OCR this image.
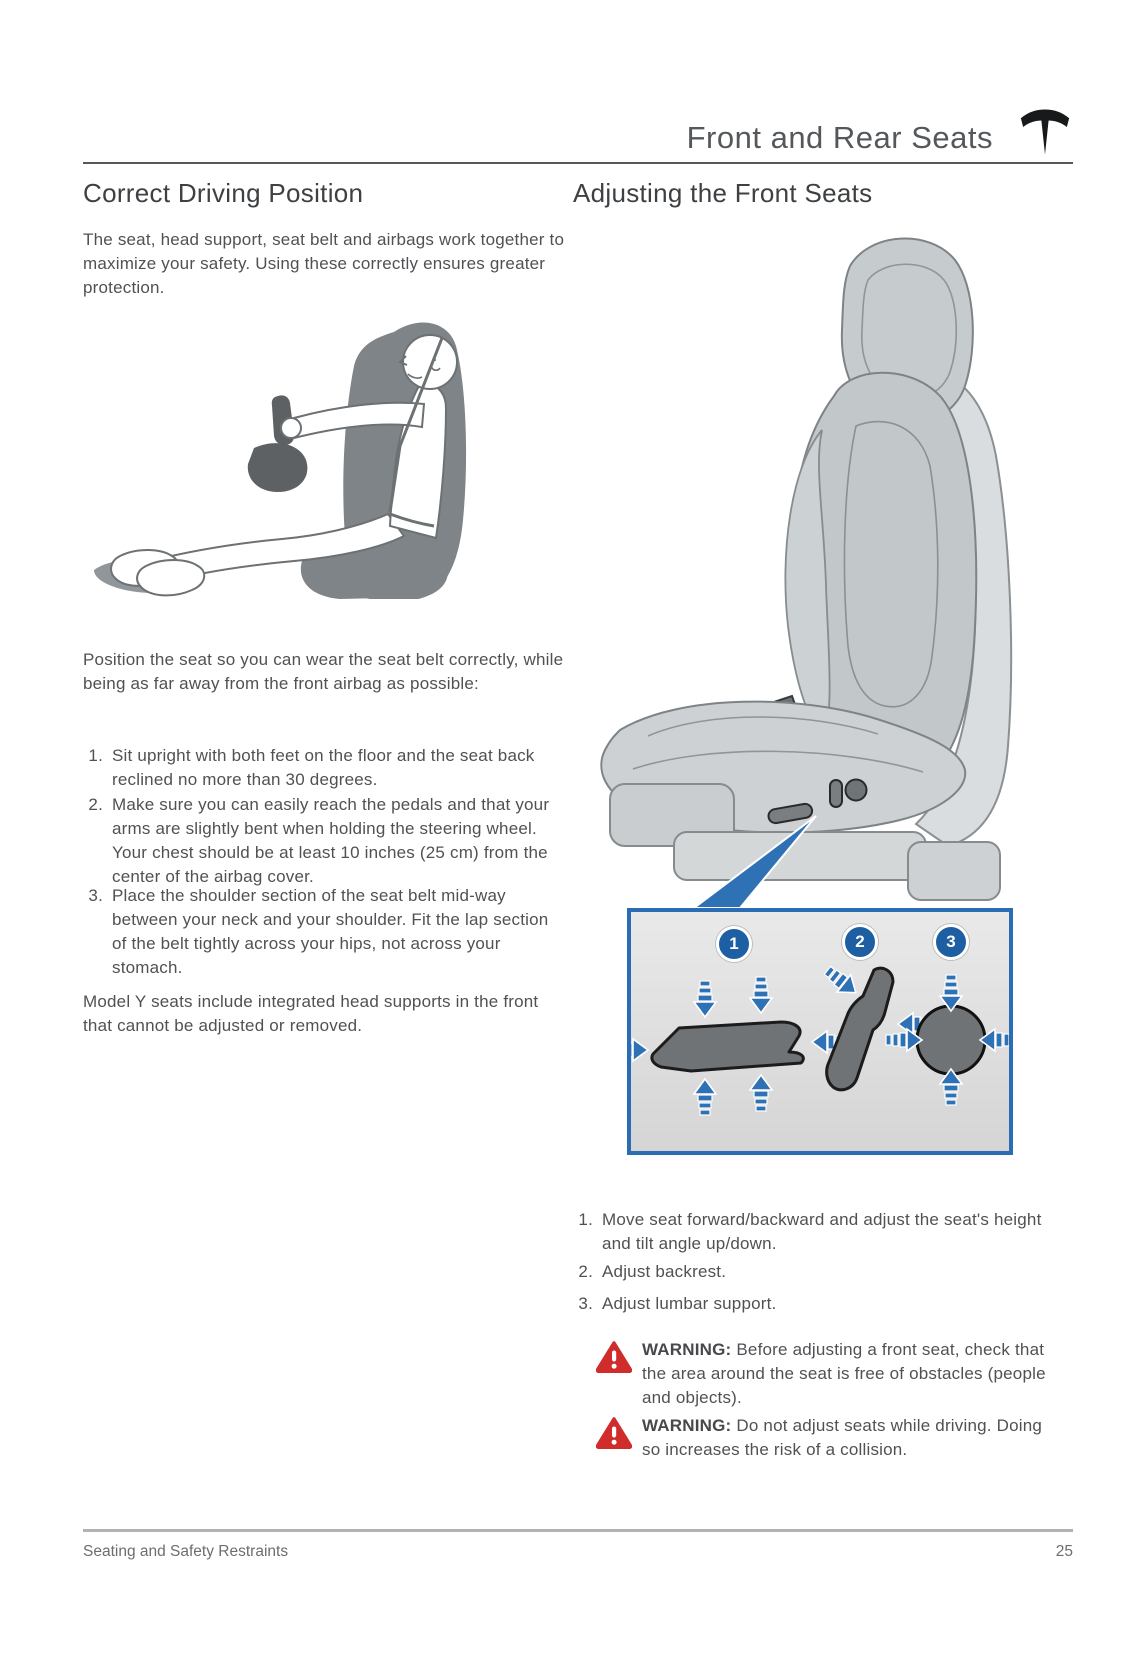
Front and Rear Seats
Correct Driving Position	Adjusting the Front Seats
The seat, head support, seat belt and airbags work together to maximize your safety. Using these correctly ensures greater protection.
Position the seat so you can wear the seat belt correctly, while being as far away from the front airbag as possible:
1. Sit upright with both feet on the floor and the seat back reclined no more than 30 degrees.
2. Make sure you can easily reach the pedals and that your arms are slightly bent when holding the steering wheel. Your chest should be at least 10 inches (25 cm) from the center of the airbag cover.
3. Place the shoulder section of the seat belt mid-way between your neck and your shoulder. Fit the lap section of the belt tightly across your hips, not across your stomach.
Model Y seats include integrated head supports in the front that cannot be adjusted or removed.
1	2	3
1. Move seat forward/backward and adjust the seat's height and tilt angle up/down.
2. Adjust backrest.
3. Adjust lumbar support.
WARNING: Before adjusting a front seat, check that the area around the seat is free of obstacles (people and objects).
WARNING: Do not adjust seats while driving. Doing so increases the risk of a collision.
Seating and Safety Restraints	25
